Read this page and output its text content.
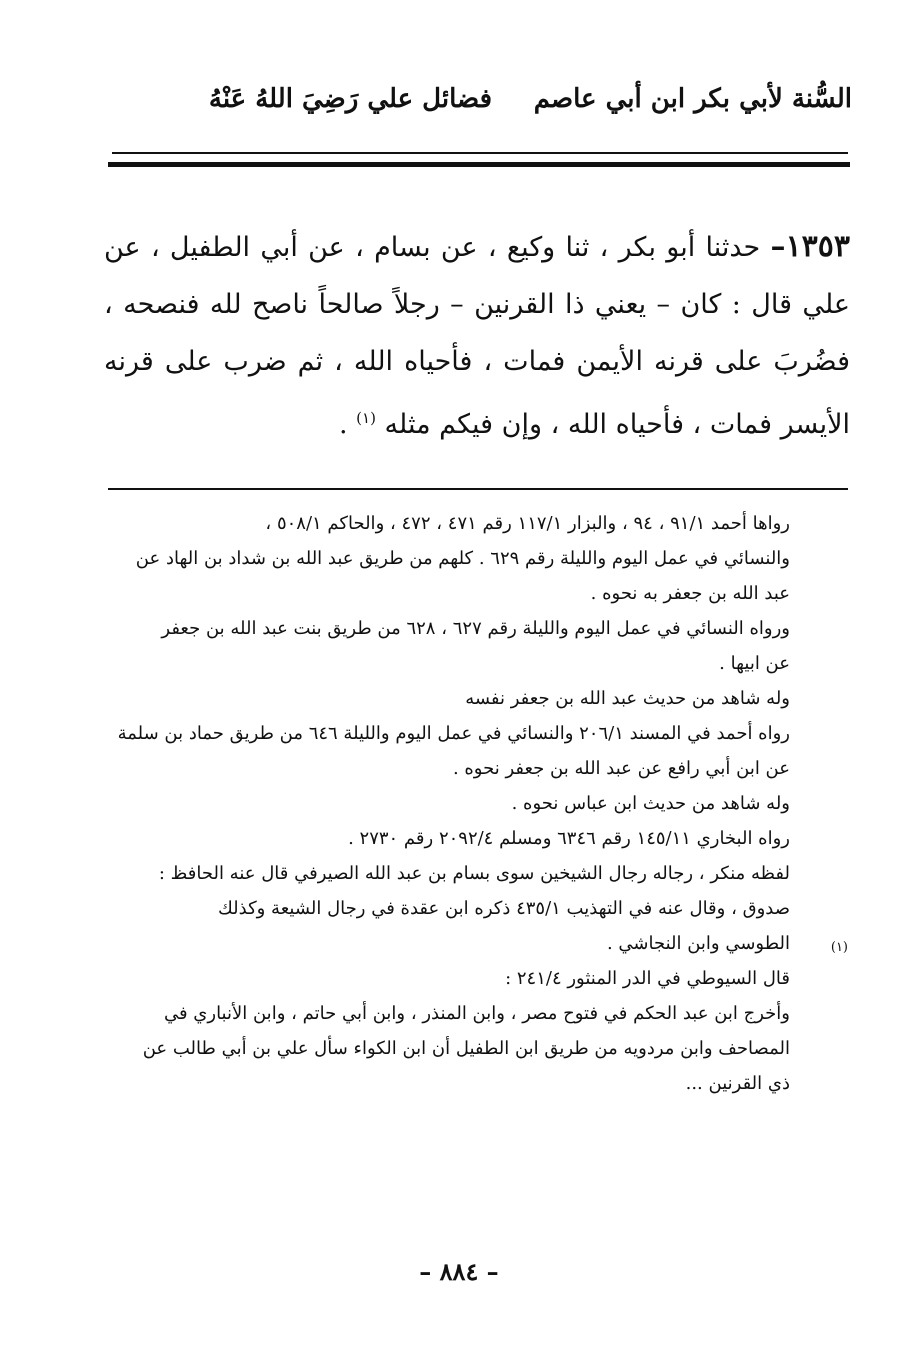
السُّنة لأبي بكر ابن أبي عاصم
فضائل علي رَضِيَ اللهُ عَنْهُ
١٣٥٣– حدثنا أبو بكر ، ثنا وكيع ، عن بسام ، عن أبي الطفيل ، عن علي قال : كان – يعني ذا القرنين – رجلاً صالحاً ناصح لله فنصحه ، فضُربَ على قرنه الأيمن فمات ، فأحياه الله ، ثم ضرب على قرنه الأيسر فمات ، فأحياه الله ، وإن فيكم مثله $^{(١)}$ .
(١)

رواها أحمد ٩١/١ ، ٩٤ ، والبزار ١١٧/١ رقم ٤٧١ ، ٤٧٢ ، والحاكم ٥٠٨/١ ،

والنسائي في عمل اليوم والليلة رقم ٦٢٩ . كلهم من طريق عبد الله بن شداد بن الهاد عن

عبد الله بن جعفر به نحوه .

ورواه النسائي في عمل اليوم والليلة رقم ٦٢٧ ، ٦٢٨ من طريق بنت عبد الله بن جعفر

عن ابيها .

وله شاهد من حديث عبد الله بن جعفر نفسه

رواه أحمد في المسند ٢٠٦/١ والنسائي في عمل اليوم والليلة ٦٤٦ من طريق حماد بن سلمة

عن ابن أبي رافع عن عبد الله بن جعفر نحوه .

وله شاهد من حديث ابن عباس نحوه .

رواه البخاري ١٤٥/١١ رقم ٦٣٤٦ ومسلم ٢٠٩٢/٤ رقم ٢٧٣٠ .

لفظه منكر ، رجاله رجال الشيخين سوى بسام بن عبد الله الصيرفي قال عنه الحافظ :

صدوق ، وقال عنه في التهذيب ٤٣٥/١ ذكره ابن عقدة في رجال الشيعة وكذلك

الطوسي وابن النجاشي .

قال السيوطي في الدر المنثور ٢٤١/٤ :

وأخرج ابن عبد الحكم في فتوح مصر ، وابن المنذر ، وابن أبي حاتم ، وابن الأنباري في

المصاحف وابن مردويه من طريق ابن الطفيل أن ابن الكواء سأل علي بن أبي طالب عن

ذي القرنين ...

– ٨٨٤ –
